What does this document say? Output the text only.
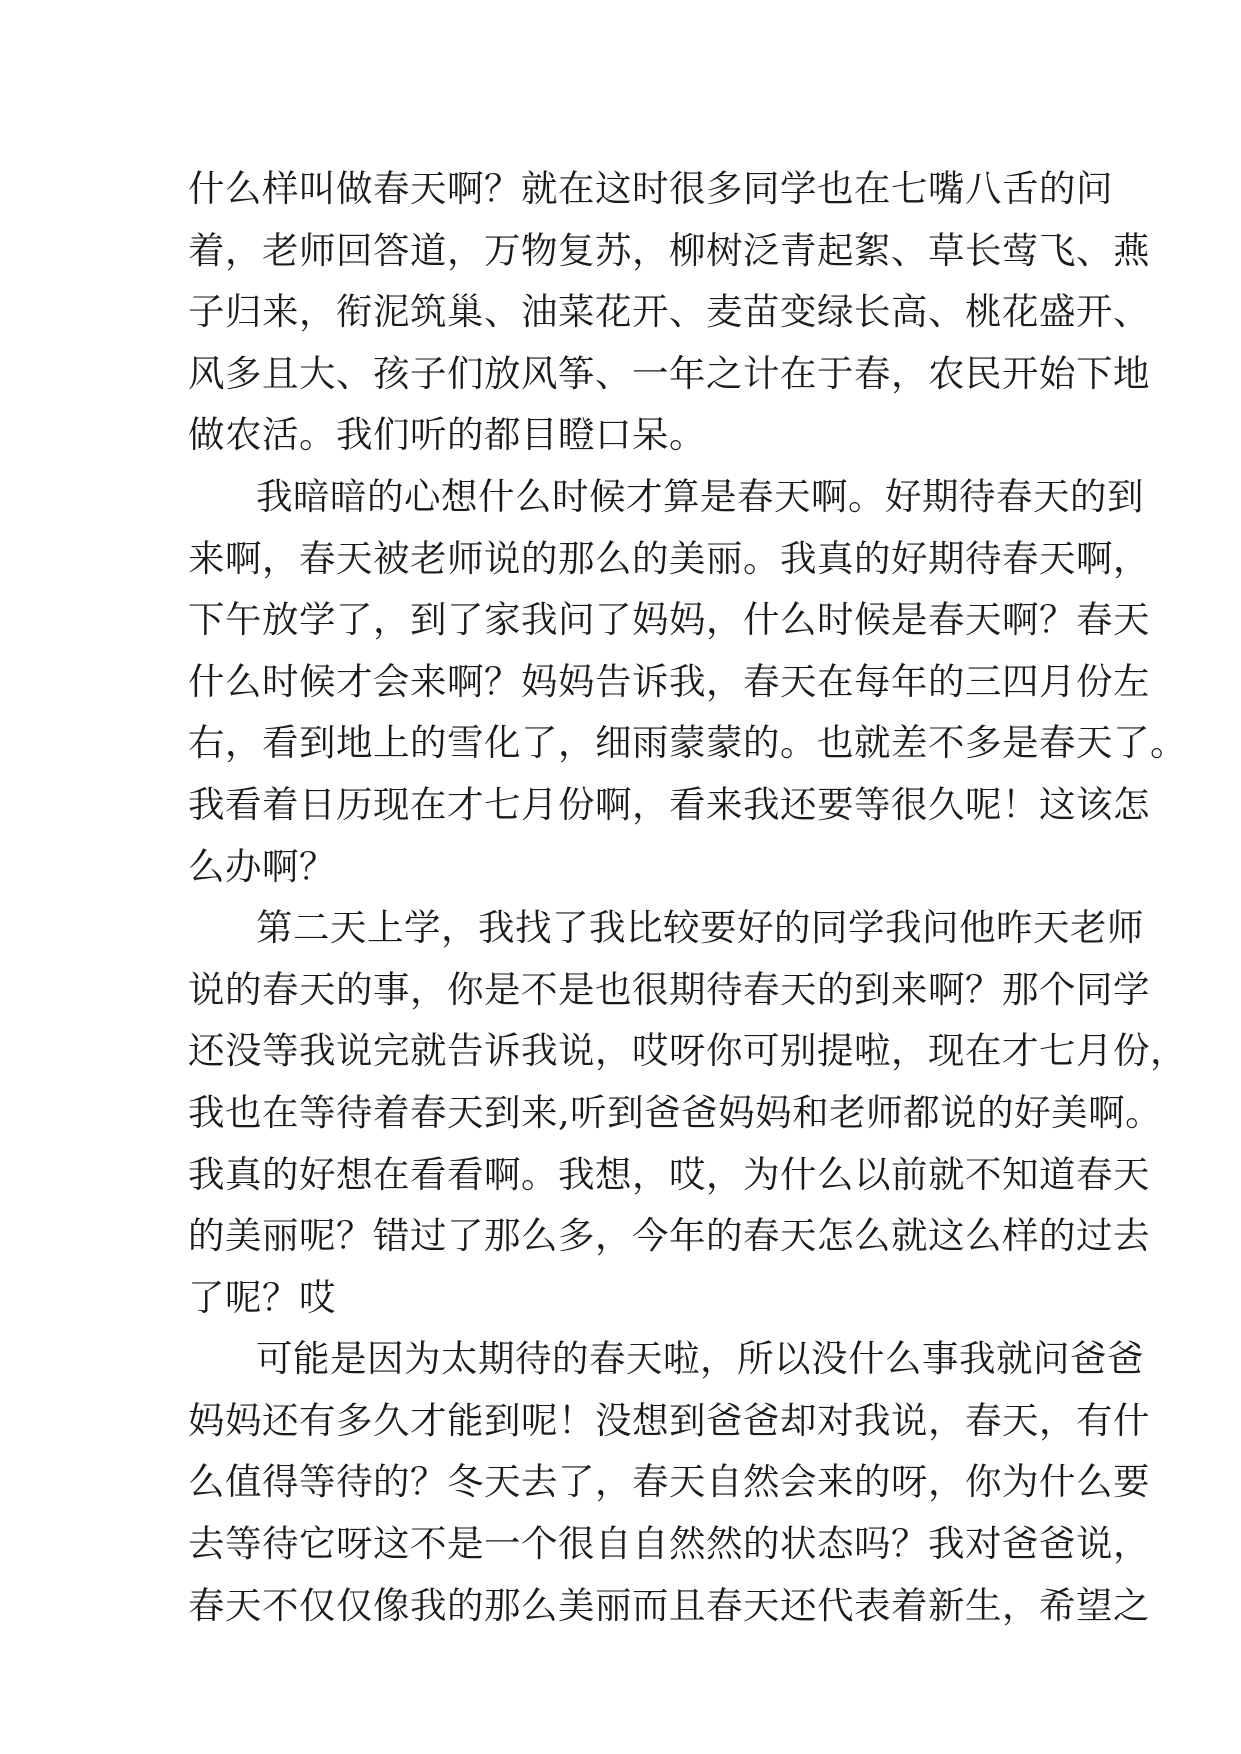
什么样叫做春天啊？就在这时很多同学也在七嘴八舌的问
着，老师回答道，万物复苏，柳树泛青起絮、草长莺飞、燕
子归来，衔泥筑巢、油菜花开、麦苗变绿长高、桃花盛开、
风多且大、孩子们放风筝、一年之计在于春，农民开始下地
做农活。我们听的都目瞪口呆。
我暗暗的心想什么时候才算是春天啊。好期待春天的到
来啊，春天被老师说的那么的美丽。我真的好期待春天啊，
下午放学了，到了家我问了妈妈，什么时候是春天啊？春天
什么时候才会来啊？妈妈告诉我，春天在每年的三四月份左
右，看到地上的雪化了，细雨蒙蒙的。也就差不多是春天了。
我看着日历现在才七月份啊，看来我还要等很久呢！这该怎
么办啊？
第二天上学，我找了我比较要好的同学我问他昨天老师
说的春天的事，你是不是也很期待春天的到来啊？那个同学
还没等我说完就告诉我说，哎呀你可别提啦，现在才七月份，
我也在等待着春天到来,听到爸爸妈妈和老师都说的好美啊。
我真的好想在看看啊。我想，哎，为什么以前就不知道春天
的美丽呢？错过了那么多，今年的春天怎么就这么样的过去
了呢？哎
可能是因为太期待的春天啦，所以没什么事我就问爸爸
妈妈还有多久才能到呢！没想到爸爸却对我说，春天，有什
么值得等待的？冬天去了，春天自然会来的呀，你为什么要
去等待它呀这不是一个很自自然然的状态吗？我对爸爸说，
春天不仅仅像我的那么美丽而且春天还代表着新生，希望之
